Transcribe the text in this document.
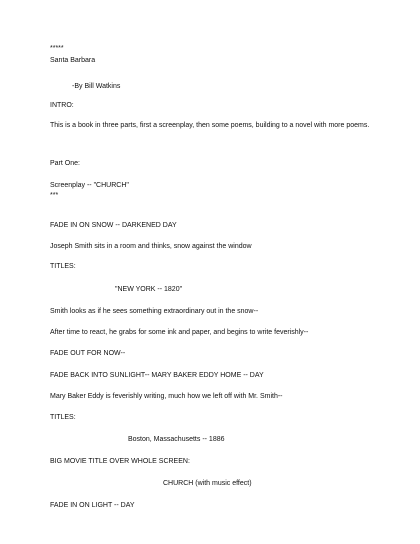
*****
Santa Barbara
-By Bill Watkins
INTRO:
This is a book in three parts, first a screenplay, then some poems, building to a novel with more poems.
Part One:
Screenplay -- "CHURCH"
***
FADE IN ON SNOW -- DARKENED DAY
Joseph Smith sits in a room and thinks, snow against the window
TITLES:
"NEW YORK -- 1820"
Smith looks as if he sees something extraordinary out in the snow--
After time to react, he grabs for some ink and paper, and begins to write feverishly--
FADE OUT FOR NOW--
FADE BACK INTO SUNLIGHT-- MARY BAKER EDDY HOME -- DAY
Mary Baker Eddy is feverishly writing, much how we left off with Mr. Smith--
TITLES:
Boston, Massachusetts -- 1886
BIG MOVIE TITLE OVER WHOLE SCREEN:
CHURCH (with music effect)
FADE IN ON LIGHT -- DAY
